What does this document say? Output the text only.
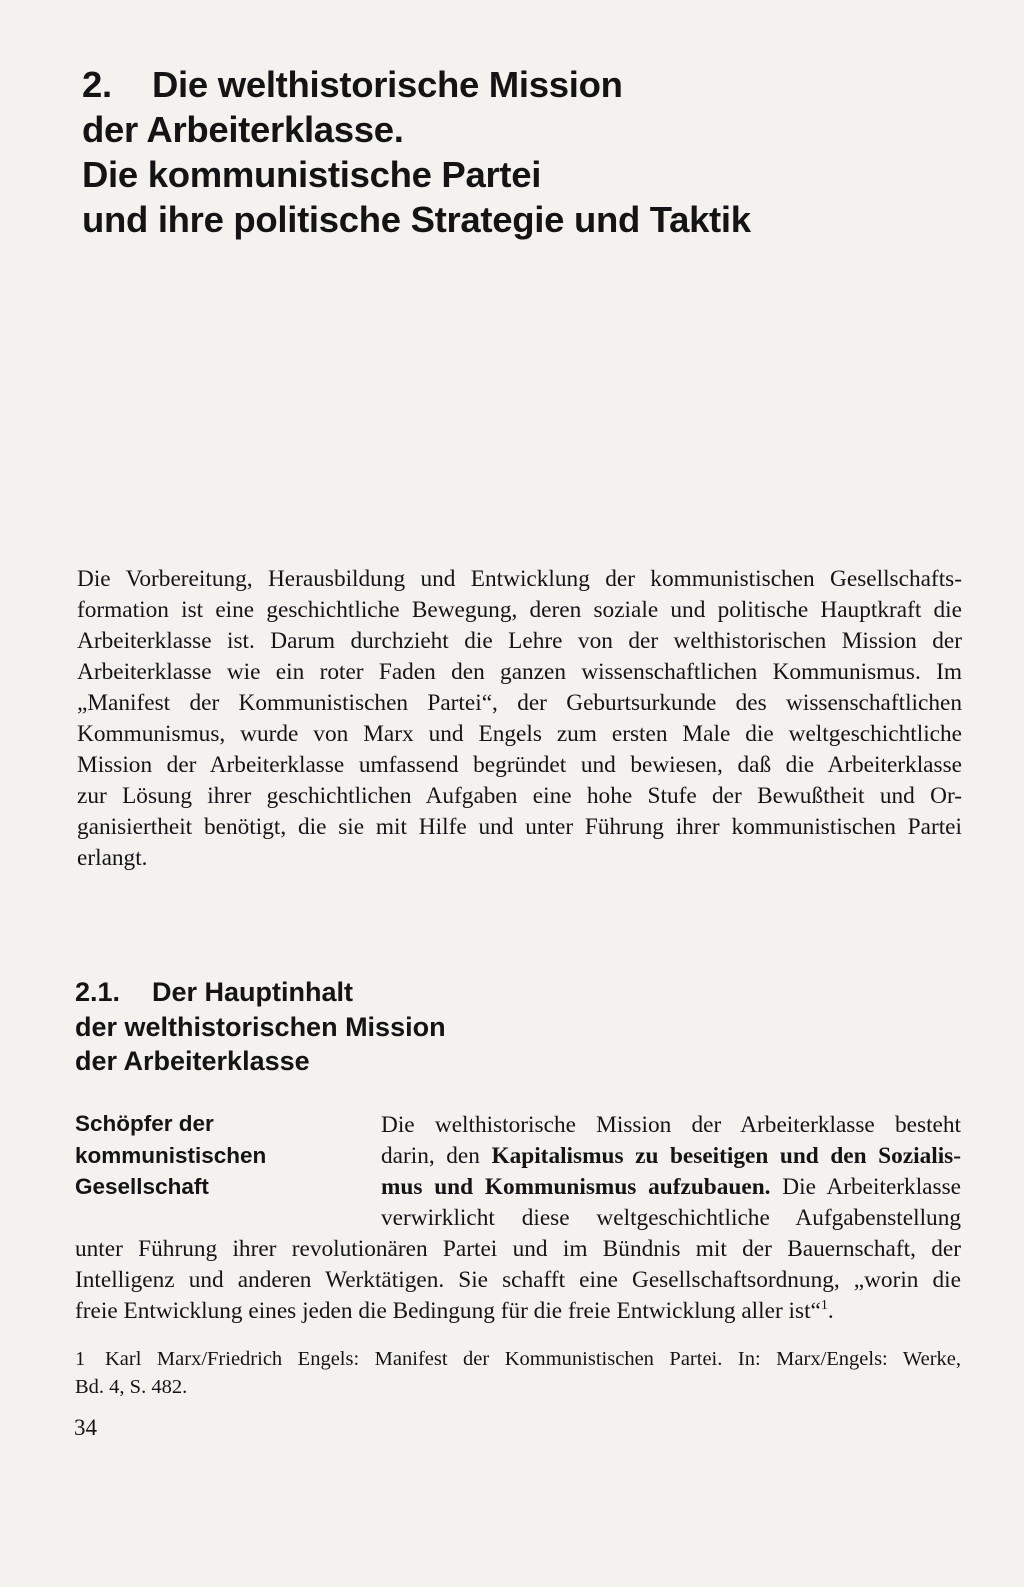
2. Die welthistorische Mission
der Arbeiterklasse.
Die kommunistische Partei
und ihre politische Strategie und Taktik

Die Vorbereitung, Herausbildung und Entwicklung der kommunistischen Gesellschafts-
formation ist eine geschichtliche Bewegung, deren soziale und politische Hauptkraft die
Arbeiterklasse ist. Darum durchzieht die Lehre von der welthistorischen Mission der
Arbeiterklasse wie ein roter Faden den ganzen wissenschaftlichen Kommunismus. Im
„Manifest der Kommunistischen Partei“, der Geburtsurkunde des wissenschaftlichen
Kommunismus, wurde von Marx und Engels zum ersten Male die weltgeschichtliche
Mission der Arbeiterklasse umfassend begründet und bewiesen, daß die Arbeiterklasse
zur Lösung ihrer geschichtlichen Aufgaben eine hohe Stufe der Bewußtheit und Or-
ganisiertheit benötigt, die sie mit Hilfe und unter Führung ihrer kommunistischen Partei
erlangt.

2.1. Der Hauptinhalt
der welthistorischen Mission
der Arbeiterklasse
Schöpfer der
kommunistischen
Gesellschaft

Die welthistorische Mission der Arbeiterklasse besteht
darin, den Kapitalismus zu beseitigen und den Sozialis-
mus und Kommunismus aufzubauen. Die Arbeiterklasse
verwirklicht diese weltgeschichtliche Aufgabenstellung
unter Führung ihrer revolutionären Partei und im Bündnis mit der Bauernschaft, der
Intelligenz und anderen Werktätigen. Sie schafft eine Gesellschaftsordnung, „worin die
freie Entwicklung eines jeden die Bedingung für die freie Entwicklung aller ist“$^1$.

1 Karl Marx/Friedrich Engels: Manifest der Kommunistischen Partei. In: Marx/Engels: Werke,
Bd. 4, S. 482.
34
